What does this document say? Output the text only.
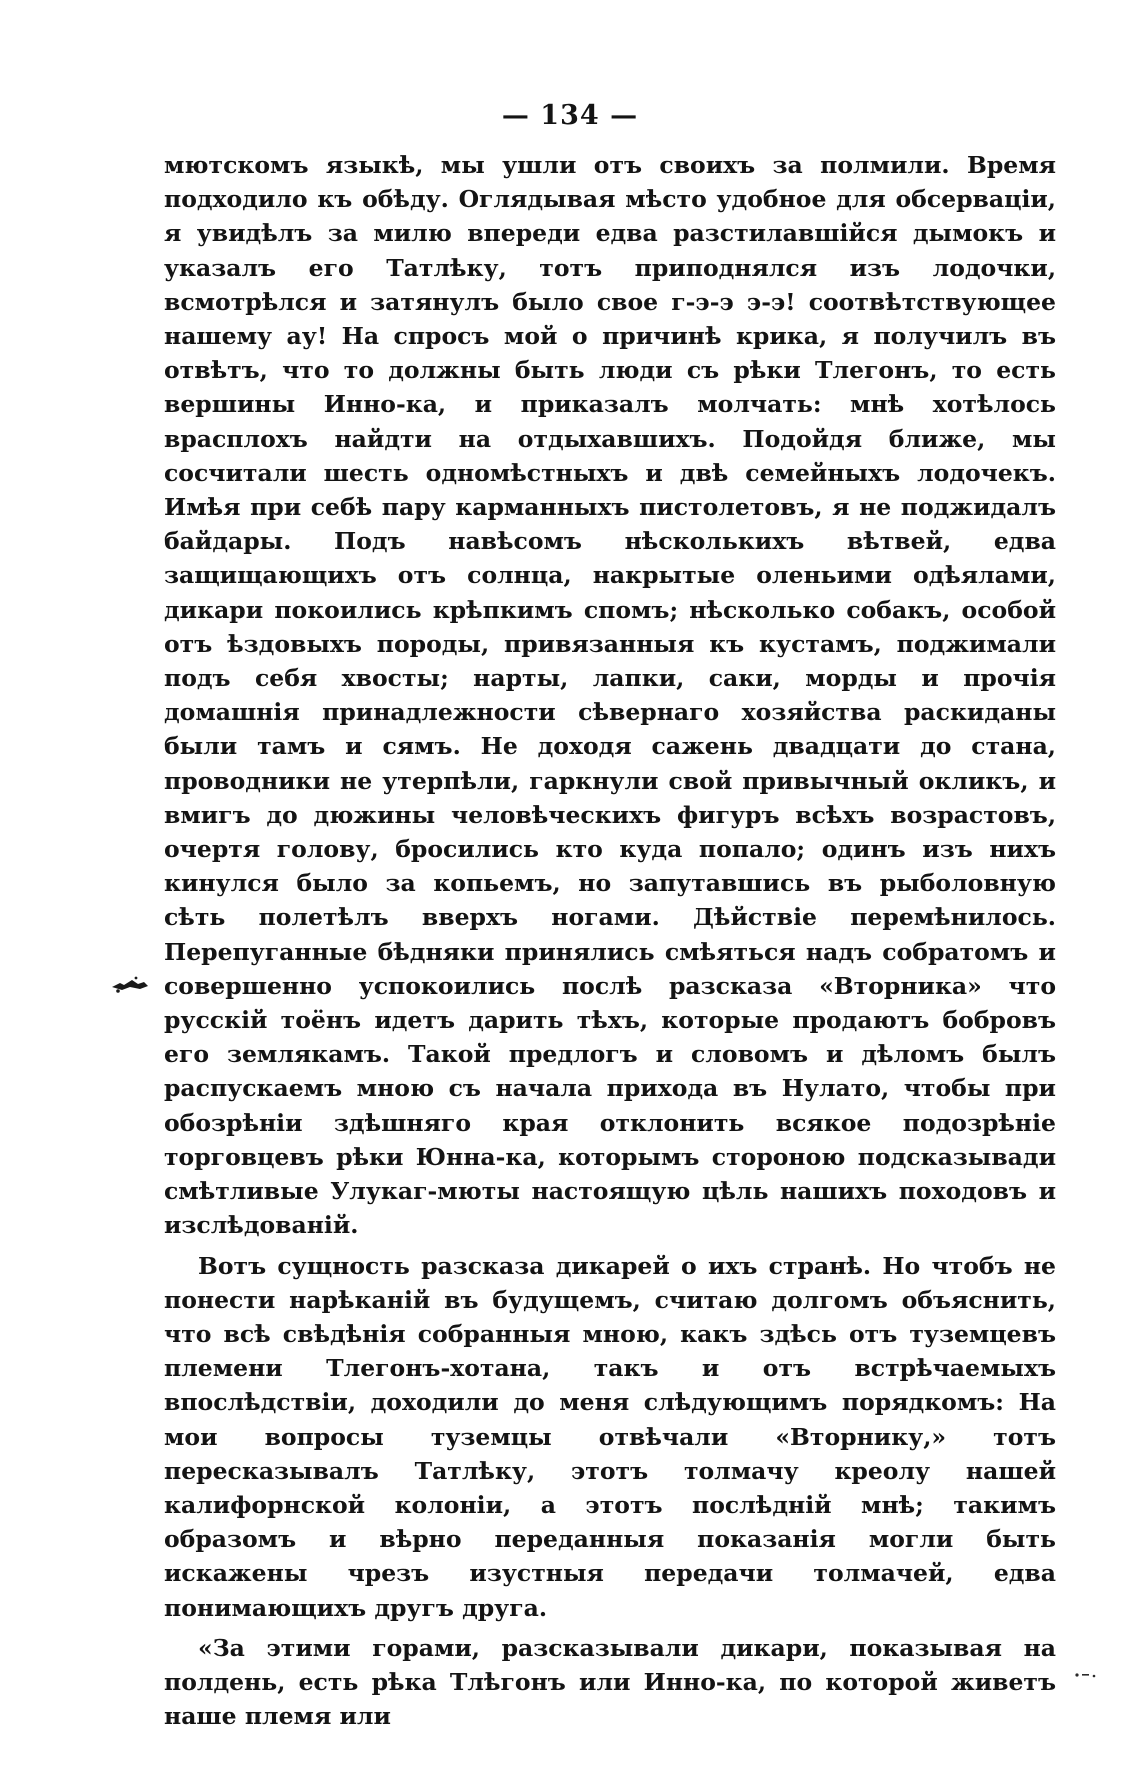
— 134 —

мютскомъ языкѣ, мы ушли отъ своихъ за полмили. Время подходило къ обѣду. Оглядывая мѣсто удобное для обсерваціи, я увидѣлъ за милю впереди едва разстилавшійся дымокъ и указалъ его Татлѣку, тотъ приподнялся изъ лодочки, всмотрѣлся и затянулъ было свое г-э-э э-э! соотвѣтствующее нашему ау! На спросъ мой о причинѣ крика, я получилъ въ отвѣтъ, что то должны быть люди съ рѣки Тлегонъ, то есть вершины Инно-ка, и приказалъ молчать: мнѣ хотѣлось врасплохъ найдти на отдыхавшихъ. Подойдя ближе, мы сосчитали шесть одномѣстныхъ и двѣ семейныхъ лодочекъ. Имѣя при себѣ пару карманныхъ пистолетовъ, я не поджидалъ байдары. Подъ навѣсомъ нѣсколькихъ вѣтвей, едва защищающихъ отъ солнца, накрытые оленьими одѣялами, дикари покоились крѣпкимъ спомъ; нѣсколько собакъ, особой отъ ѣздовыхъ породы, привязанныя къ кустамъ, поджимали подъ себя хвосты; нарты, лапки, саки, морды и прочія домашнія принадлежности сѣвернаго хозяйства раскиданы были тамъ и сямъ. Не доходя сажень двадцати до стана, проводники не утерпѣли, гаркнули свой привычный окликъ, и вмигъ до дюжины человѣческихъ фигуръ всѣхъ возрастовъ, очертя голову, бросились кто куда попало; одинъ изъ нихъ кинулся было за копьемъ, но запутавшись въ рыболовную сѣть полетѣлъ вверхъ ногами. Дѣйствіе перемѣнилось. Перепуганные бѣдняки принялись смѣяться надъ собратомъ и совершенно успокоились послѣ разсказа «Вторника» что русскій тоёнъ идетъ дарить тѣхъ, которые продаютъ бобровъ его землякамъ. Такой предлогъ и словомъ и дѣломъ былъ распускаемъ мною съ начала прихода въ Нулато, чтобы при обозрѣніи здѣшняго края отклонить всякое подозрѣніе торговцевъ рѣки Юнна-ка, которымъ стороною подсказывади смѣтливые Улукаг-мюты настоящую цѣль нашихъ походовъ и изслѣдованій.

Вотъ сущность разсказа дикарей о ихъ странѣ. Но чтобъ не понести нарѣканій въ будущемъ, считаю долгомъ объяснить, что всѣ свѣдѣнія собранныя мною, какъ здѣсь отъ туземцевъ племени Тлегонъ-хотана, такъ и отъ встрѣчаемыхъ впослѣдствіи, доходили до меня слѣдующимъ порядкомъ: На мои вопросы туземцы отвѣчали «Вторнику,» тотъ пересказывалъ Татлѣку, этотъ толмачу креолу нашей калифорнской колоніи, а этотъ послѣдній мнѣ; такимъ образомъ и вѣрно переданныя показанія могли быть искажены чрезъ изустныя передачи толмачей, едва понимающихъ другъ друга.

«За этими горами, разсказывали дикари, показывая на полдень, есть рѣка Тлѣгонъ или Инно-ка, по которой живетъ наше племя или
